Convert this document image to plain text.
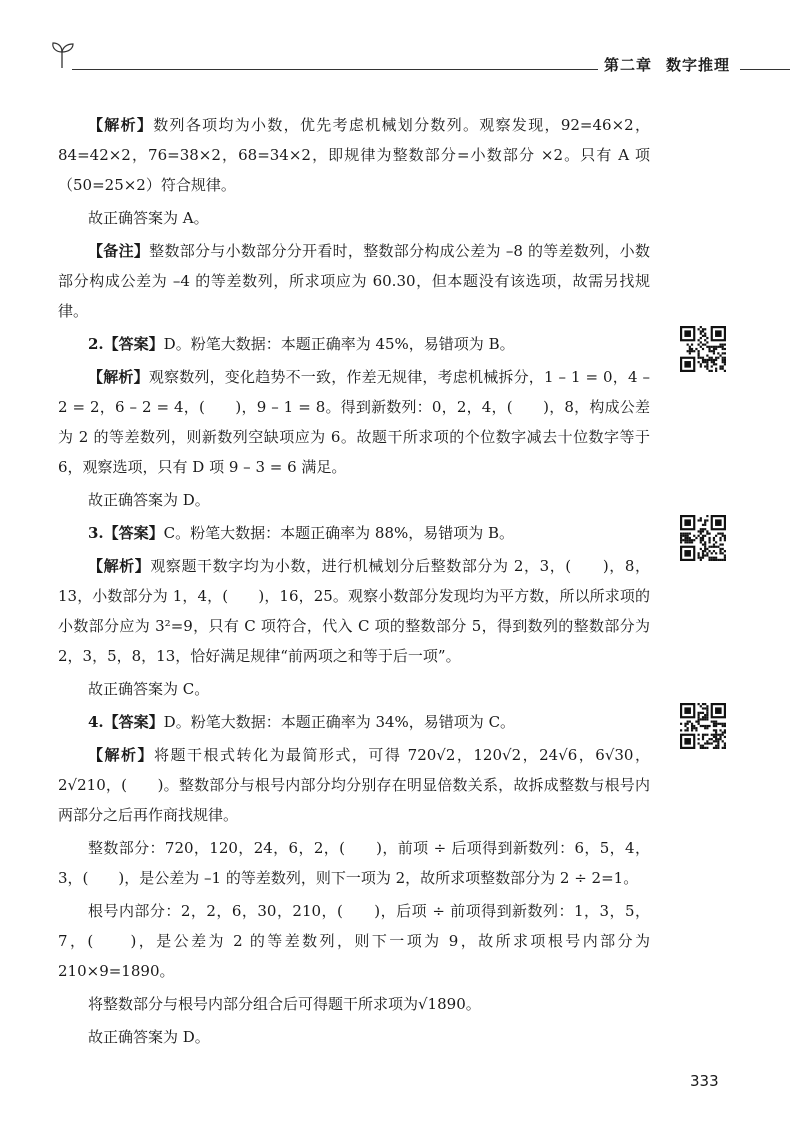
第二章 数字推理

【解析】数列各项均为小数，优先考虑机械划分数列。观察发现，92=46×2，84=42×2，76=38×2，68=34×2，即规律为整数部分=小数部分 ×2。只有 A 项（50=25×2）符合规律。

故正确答案为 A。

【备注】整数部分与小数部分分开看时，整数部分构成公差为 –8 的等差数列，小数部分构成公差为 –4 的等差数列，所求项应为 60.30，但本题没有该选项，故需另找规律。

2.【答案】D。粉笔大数据：本题正确率为 45%，易错项为 B。

【解析】观察数列，变化趋势不一致，作差无规律，考虑机械拆分，1 – 1 = 0，4 – 2 = 2，6 – 2 = 4，(　　)，9 – 1 = 8。得到新数列：0，2，4，(　　)，8，构成公差为 2 的等差数列，则新数列空缺项应为 6。故题干所求项的个位数字减去十位数字等于 6，观察选项，只有 D 项 9 – 3 = 6 满足。

故正确答案为 D。

3.【答案】C。粉笔大数据：本题正确率为 88%，易错项为 B。

【解析】观察题干数字均为小数，进行机械划分后整数部分为 2，3，(　　)，8，13，小数部分为 1，4，(　　)，16，25。观察小数部分发现均为平方数，所以所求项的小数部分应为 3²=9，只有 C 项符合，代入 C 项的整数部分 5，得到数列的整数部分为 2，3，5，8，13，恰好满足规律“前两项之和等于后一项”。

故正确答案为 C。

4.【答案】D。粉笔大数据：本题正确率为 34%，易错项为 C。

【解析】将题干根式转化为最简形式，可得 720√2，120√2，24√6，6√30，2√210，(　　)。整数部分与根号内部分均分别存在明显倍数关系，故拆成整数与根号内两部分之后再作商找规律。

整数部分：720，120，24，6，2，(　　)，前项 ÷ 后项得到新数列：6，5，4，3，(　　)，是公差为 –1 的等差数列，则下一项为 2，故所求项整数部分为 2 ÷ 2=1。

根号内部分：2，2，6，30，210，(　　)，后项 ÷ 前项得到新数列：1，3，5，7，(　　)，是公差为 2 的等差数列，则下一项为 9，故所求项根号内部分为 210×9=1890。

将整数部分与根号内部分组合后可得题干所求项为√1890。

故正确答案为 D。

333
